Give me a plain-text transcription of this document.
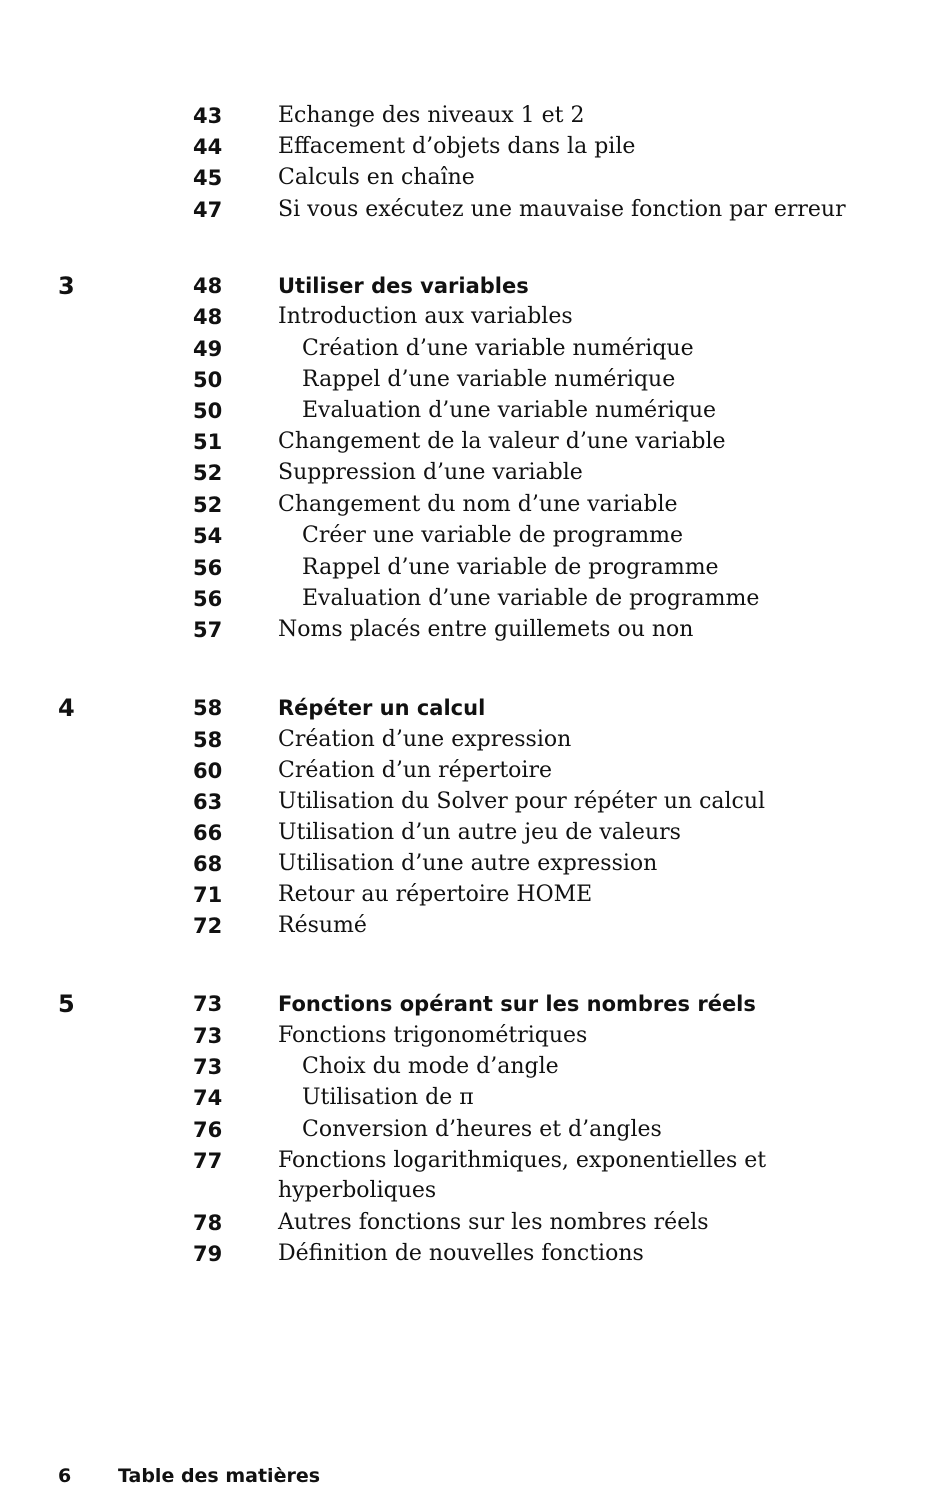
43	Echange des niveaux 1 et 2
44	Effacement d’objets dans la pile
45	Calculs en chaîne
47	Si vous exécutez une mauvaise fonction par erreur
3	48	Utiliser des variables
48	Introduction aux variables
49	Création d’une variable numérique
50	Rappel d’une variable numérique
50	Evaluation d’une variable numérique
51	Changement de la valeur d’une variable
52	Suppression d’une variable
52	Changement du nom d’une variable
54	Créer une variable de programme
56	Rappel d’une variable de programme
56	Evaluation d’une variable de programme
57	Noms placés entre guillemets ou non
4	58	Répéter un calcul
58	Création d’une expression
60	Création d’un répertoire
63	Utilisation du Solver pour répéter un calcul
66	Utilisation d’un autre jeu de valeurs
68	Utilisation d’une autre expression
71	Retour au répertoire HOME
72	Résumé
5	73	Fonctions opérant sur les nombres réels
73	Fonctions trigonométriques
73	Choix du mode d’angle
74	Utilisation de π
76	Conversion d’heures et d’angles
77	Fonctions logarithmiques, exponentielles et hyperboliques
78	Autres fonctions sur les nombres réels
79	Définition de nouvelles fonctions
6 Table des matières
